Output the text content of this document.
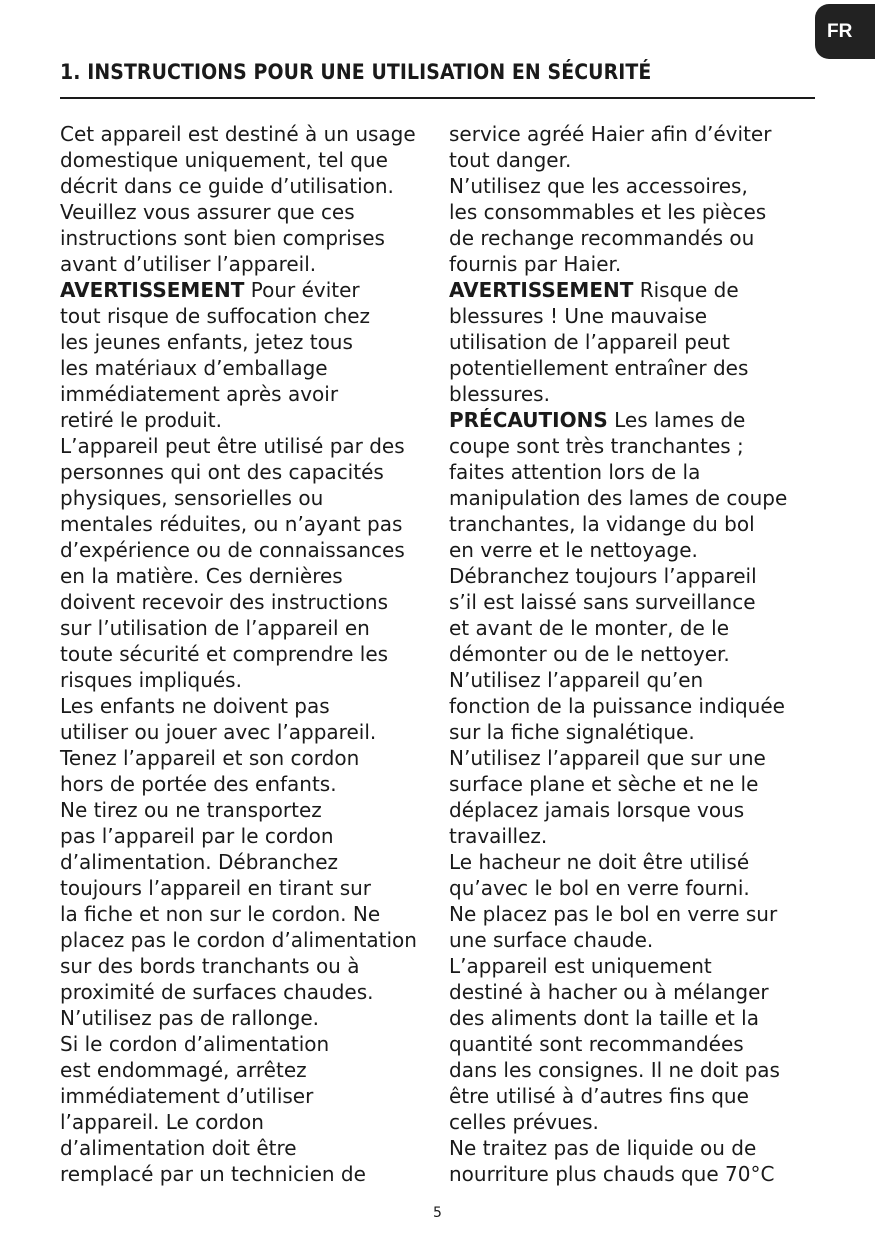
FR
1. INSTRUCTIONS POUR UNE UTILISATION EN SÉCURITÉ
Cet appareil est destiné à un usage
domestique uniquement, tel que
décrit dans ce guide d’utilisation.
Veuillez vous assurer que ces
instructions sont bien comprises
avant d’utiliser l’appareil.
AVERTISSEMENT Pour éviter
tout risque de suffocation chez
les jeunes enfants, jetez tous
les matériaux d’emballage
immédiatement après avoir
retiré le produit.
L’appareil peut être utilisé par des
personnes qui ont des capacités
physiques, sensorielles ou
mentales réduites, ou n’ayant pas
d’expérience ou de connaissances
en la matière. Ces dernières
doivent recevoir des instructions
sur l’utilisation de l’appareil en
toute sécurité et comprendre les
risques impliqués.
Les enfants ne doivent pas
utiliser ou jouer avec l’appareil.
Tenez l’appareil et son cordon
hors de portée des enfants.
Ne tirez ou ne transportez
pas l’appareil par le cordon
d’alimentation. Débranchez
toujours l’appareil en tirant sur
la fiche et non sur le cordon. Ne
placez pas le cordon d’alimentation
sur des bords tranchants ou à
proximité de surfaces chaudes.
N’utilisez pas de rallonge.
Si le cordon d’alimentation
est endommagé, arrêtez
immédiatement d’utiliser
l’appareil. Le cordon
d’alimentation doit être
remplacé par un technicien de
service agréé Haier afin d’éviter
tout danger.
N’utilisez que les accessoires,
les consommables et les pièces
de rechange recommandés ou
fournis par Haier.
AVERTISSEMENT Risque de
blessures ! Une mauvaise
utilisation de l’appareil peut
potentiellement entraîner des
blessures.
PRÉCAUTIONS Les lames de
coupe sont très tranchantes ;
faites attention lors de la
manipulation des lames de coupe
tranchantes, la vidange du bol
en verre et le nettoyage.
Débranchez toujours l’appareil
s’il est laissé sans surveillance
et avant de le monter, de le
démonter ou de le nettoyer.
N’utilisez l’appareil qu’en
fonction de la puissance indiquée
sur la fiche signalétique.
N’utilisez l’appareil que sur une
surface plane et sèche et ne le
déplacez jamais lorsque vous
travaillez.
Le hacheur ne doit être utilisé
qu’avec le bol en verre fourni.
Ne placez pas le bol en verre sur
une surface chaude.
L’appareil est uniquement
destiné à hacher ou à mélanger
des aliments dont la taille et la
quantité sont recommandées
dans les consignes. Il ne doit pas
être utilisé à d’autres fins que
celles prévues.
Ne traitez pas de liquide ou de
nourriture plus chauds que 70°C
5
